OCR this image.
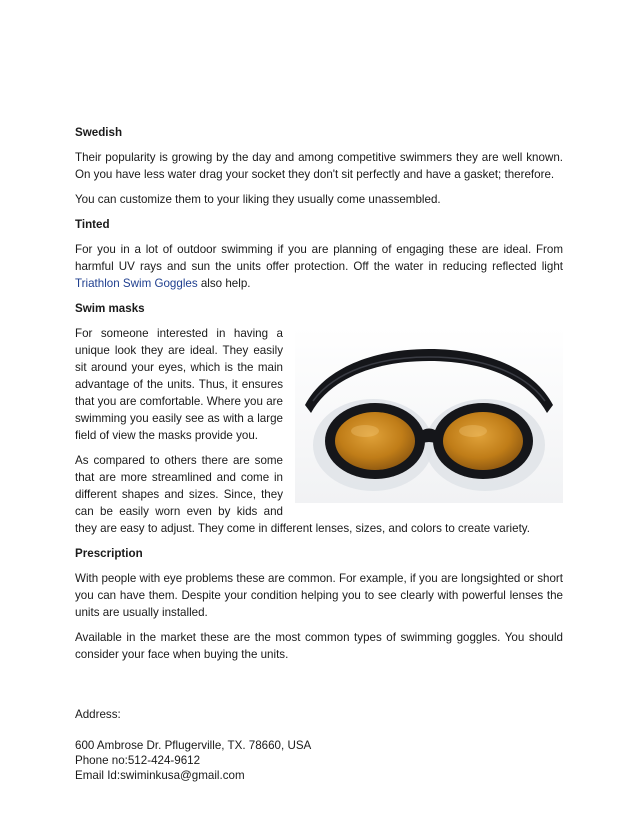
Swedish

Their popularity is growing by the day and among competitive swimmers they are well known. On you have less water drag your socket they don't sit perfectly and have a gasket; therefore.

You can customize them to your liking they usually come unassembled.

Tinted

For you in a lot of outdoor swimming if you are planning of engaging these are ideal. From harmful UV rays and sun the units offer protection. Off the water in reducing reflected light Triathlon Swim Goggles also help.

Swim masks

For someone interested in having a unique look they are ideal. They easily sit around your eyes, which is the main advantage of the units. Thus, it ensures that you are comfortable. Where you are swimming you easily see as with a large field of view the masks provide you.

As compared to others there are some that are more streamlined and come in different shapes and sizes. Since, they can be easily worn even by kids and they are easy to adjust. They come in different lenses, sizes, and colors to create variety.

Prescription

With people with eye problems these are common. For example, if you are longsighted or short you can have them. Despite your condition helping you to see clearly with powerful lenses the units are usually installed.

Available in the market these are the most common types of swimming goggles. You should consider your face when buying the units.

Address:
600 Ambrose Dr. Pflugerville, TX. 78660, USA
Phone no:512-424-9612
Email Id:swiminkusa@gmail.com
